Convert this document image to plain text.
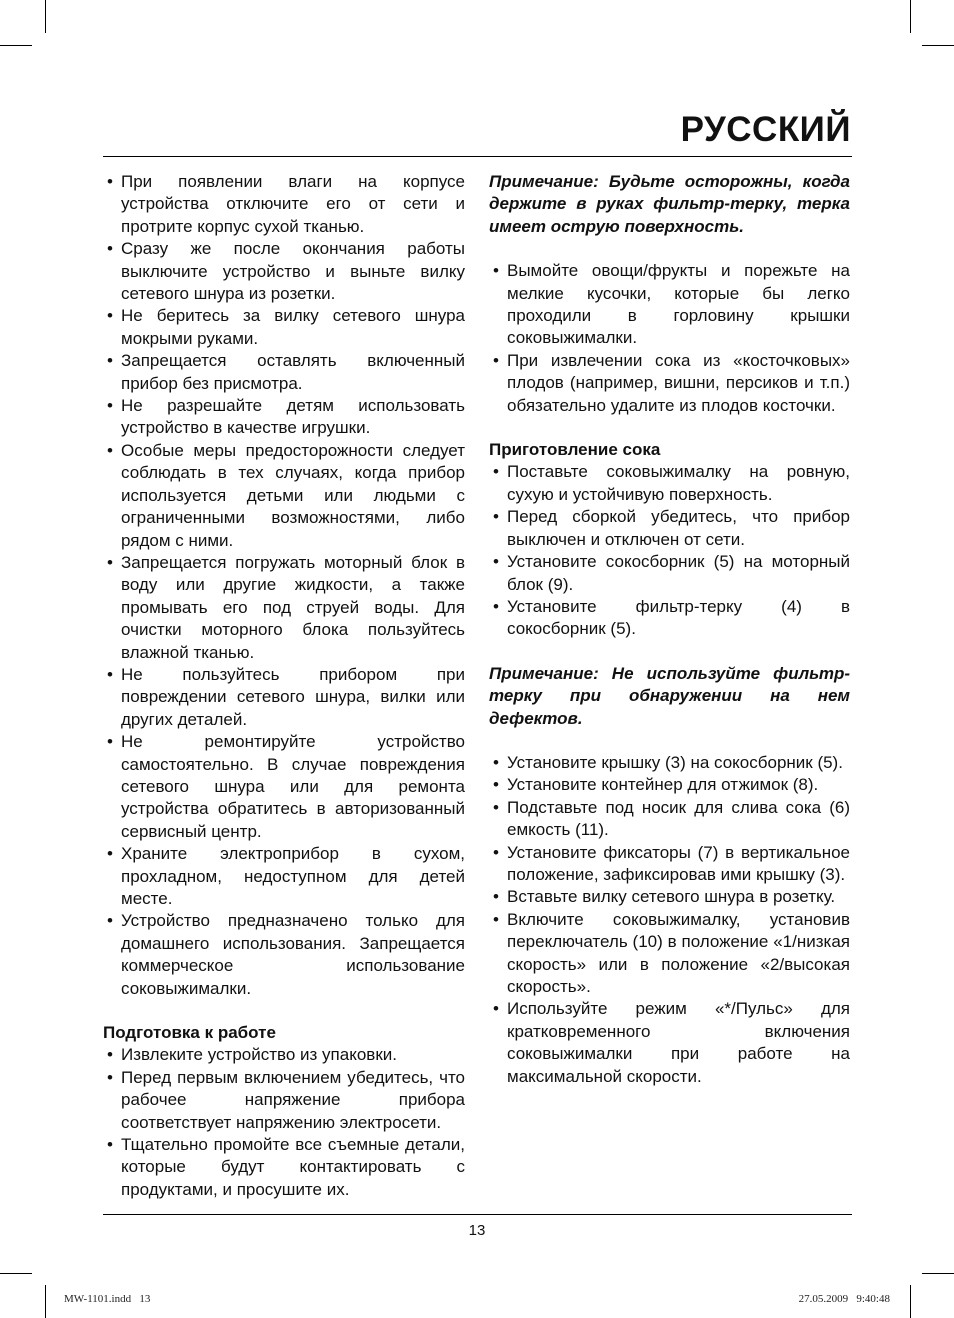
РУССКИЙ
• При появлении влаги на корпусе устройства отключите его от сети и протрите корпус сухой тканью.
• Сразу же после окончания работы выключите устройство и выньте вилку сетевого шнура из розетки.
• Не беритесь за вилку сетевого шнура мокрыми руками.
• Запрещается оставлять включенный прибор без присмотра.
• Не разрешайте детям использовать устройство в качестве игрушки.
• Особые меры предосторожности следует соблюдать в тех случаях, когда прибор используется детьми или людьми с ограниченными возможностями, либо рядом с ними.
• Запрещается погружать моторный блок в воду или другие жидкости, а также промывать его под струей воды. Для очистки моторного блока пользуйтесь влажной тканью.
• Не пользуйтесь прибором при повреждении сетевого шнура, вилки или других деталей.
• Не ремонтируйте устройство самостоятельно. В случае повреждения сетевого шнура или для ремонта устройства обратитесь в авторизованный сервисный центр.
• Храните электроприбор в сухом, прохладном, недоступном для детей месте.
• Устройство предназначено только для домашнего использования. Запрещается коммерческое использование соковыжималки.

Подготовка к работе

• Извлеките устройство из упаковки.
• Перед первым включением убедитесь, что рабочее напряжение прибора соответствует напряжению электросети.
• Тщательно промойте все съемные детали, которые будут контактировать с продуктами, и просушите их.

Примечание: Будьте осторожны, когда держите в руках фильтр-терку, терка имеет острую поверхность.

• Вымойте овощи/фрукты и порежьте на мелкие кусочки, которые бы легко проходили в горловину крышки соковыжималки.
• При извлечении сока из «косточковых» плодов (например, вишни, персиков и т.п.) обязательно удалите из плодов косточки.

Приготовление сока

• Поставьте соковыжималку на ровную, сухую и устойчивую поверхность.
• Перед сборкой убедитесь, что прибор выключен и отключен от сети.
• Установите сокосборник (5) на моторный блок (9).
• Установите фильтр-терку (4) в сокосборник (5).

Примечание: Не используйте фильтр-терку при обнаружении на нем дефектов.

• Установите крышку (3) на сокосборник (5).
• Установите контейнер для отжимок (8).
• Подставьте под носик для слива сока (6) емкость (11).
• Установите фиксаторы (7) в вертикальное положение, зафиксировав ими крышку (3).
• Вставьте вилку сетевого шнура в розетку.
• Включите соковыжималку, установив переключатель (10) в положение «1/низкая скорость» или в положение «2/высокая скорость».
• Используйте режим «*/Пульс» для кратковременного включения соковыжималки при работе на максимальной скорости.
13
MW-1101.indd   13	27.05.2009   9:40:48
